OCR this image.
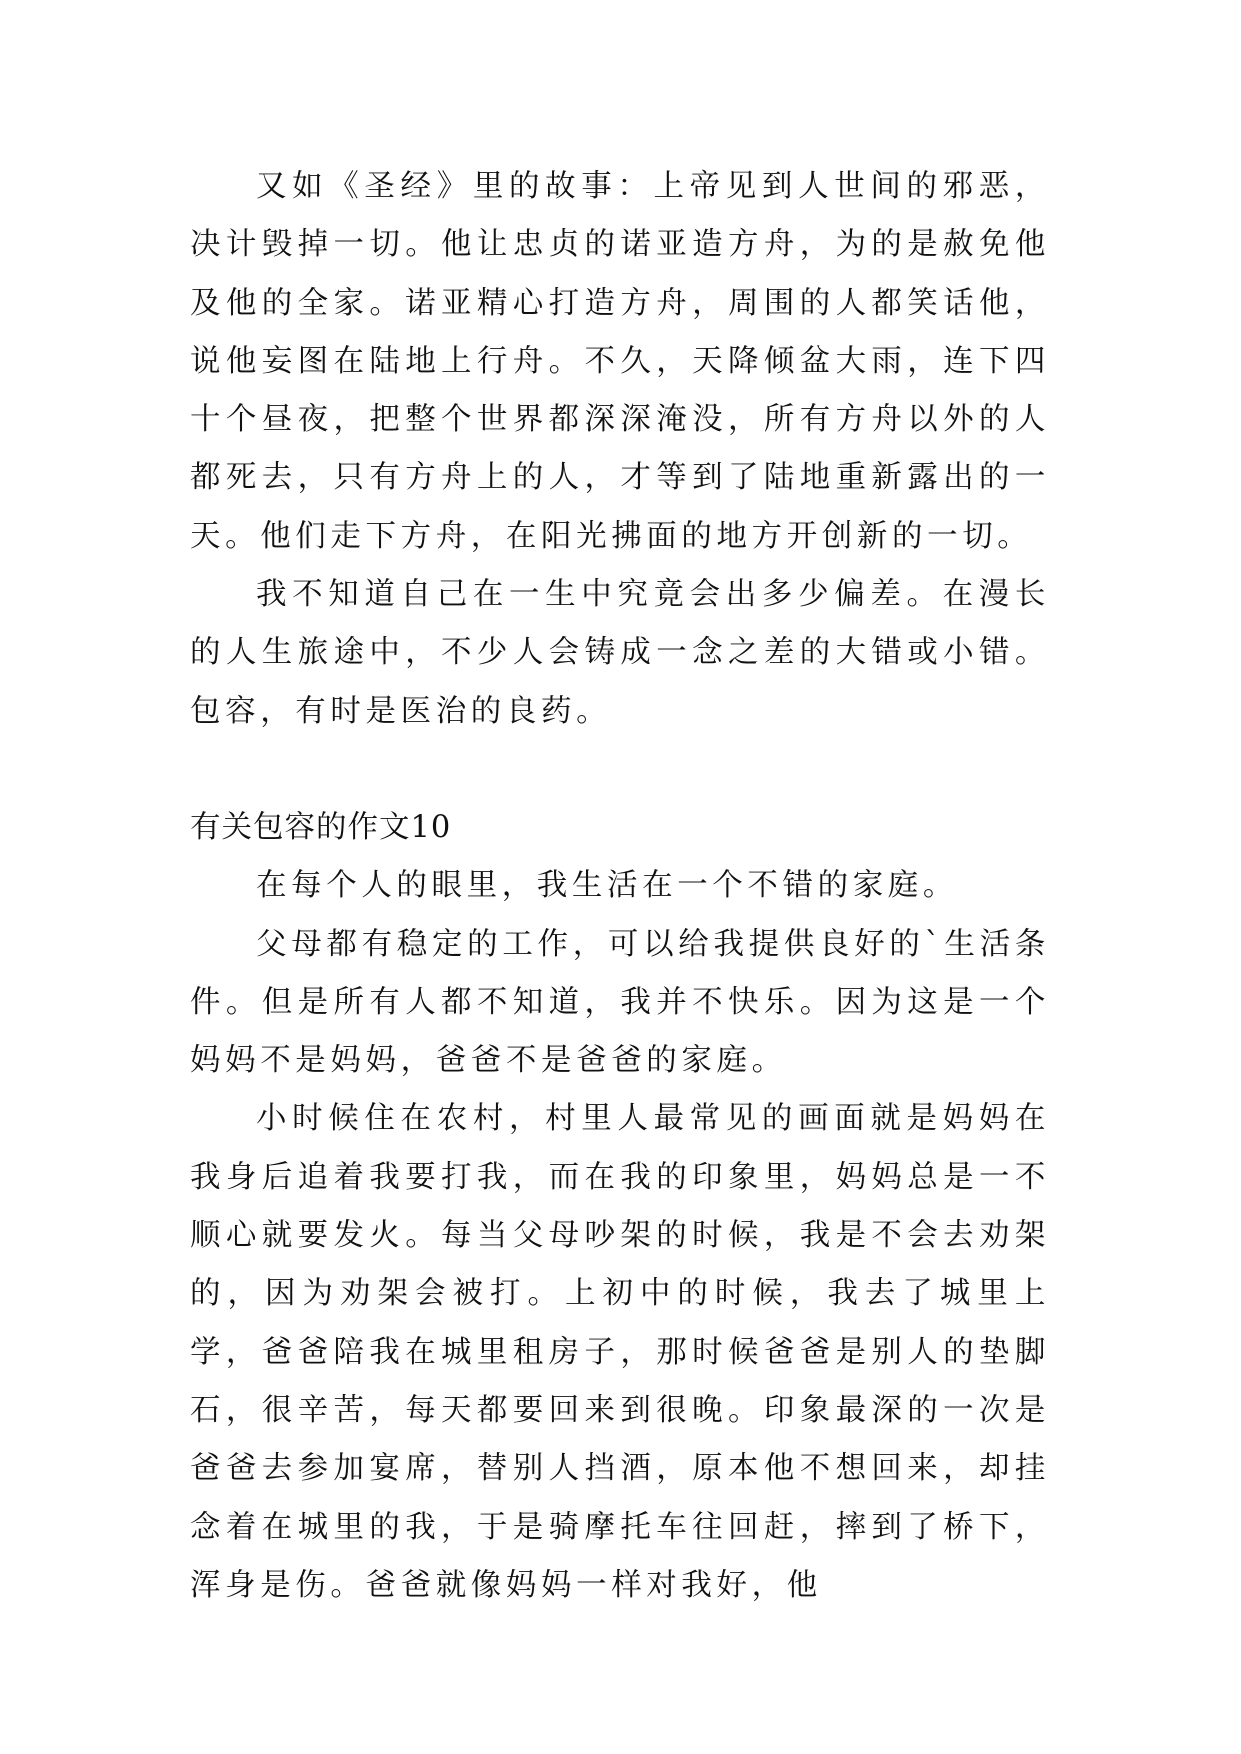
又如《圣经》里的故事：上帝见到人世间的邪恶，决计毁掉一切。他让忠贞的诺亚造方舟，为的是赦免他及他的全家。诺亚精心打造方舟，周围的人都笑话他，说他妄图在陆地上行舟。不久，天降倾盆大雨，连下四十个昼夜，把整个世界都深深淹没，所有方舟以外的人都死去，只有方舟上的人，才等到了陆地重新露出的一天。他们走下方舟，在阳光拂面的地方开创新的一切。

我不知道自己在一生中究竟会出多少偏差。在漫长的人生旅途中，不少人会铸成一念之差的大错或小错。包容，有时是医治的良药。

有关包容的作文10

在每个人的眼里，我生活在一个不错的家庭。

父母都有稳定的工作，可以给我提供良好的`生活条件。但是所有人都不知道，我并不快乐。因为这是一个妈妈不是妈妈，爸爸不是爸爸的家庭。

小时候住在农村，村里人最常见的画面就是妈妈在我身后追着我要打我，而在我的印象里，妈妈总是一不顺心就要发火。每当父母吵架的时候，我是不会去劝架的，因为劝架会被打。上初中的时候，我去了城里上学，爸爸陪我在城里租房子，那时候爸爸是别人的垫脚石，很辛苦，每天都要回来到很晚。印象最深的一次是爸爸去参加宴席，替别人挡酒，原本他不想回来，却挂念着在城里的我，于是骑摩托车往回赶，摔到了桥下，浑身是伤。爸爸就像妈妈一样对我好，他
